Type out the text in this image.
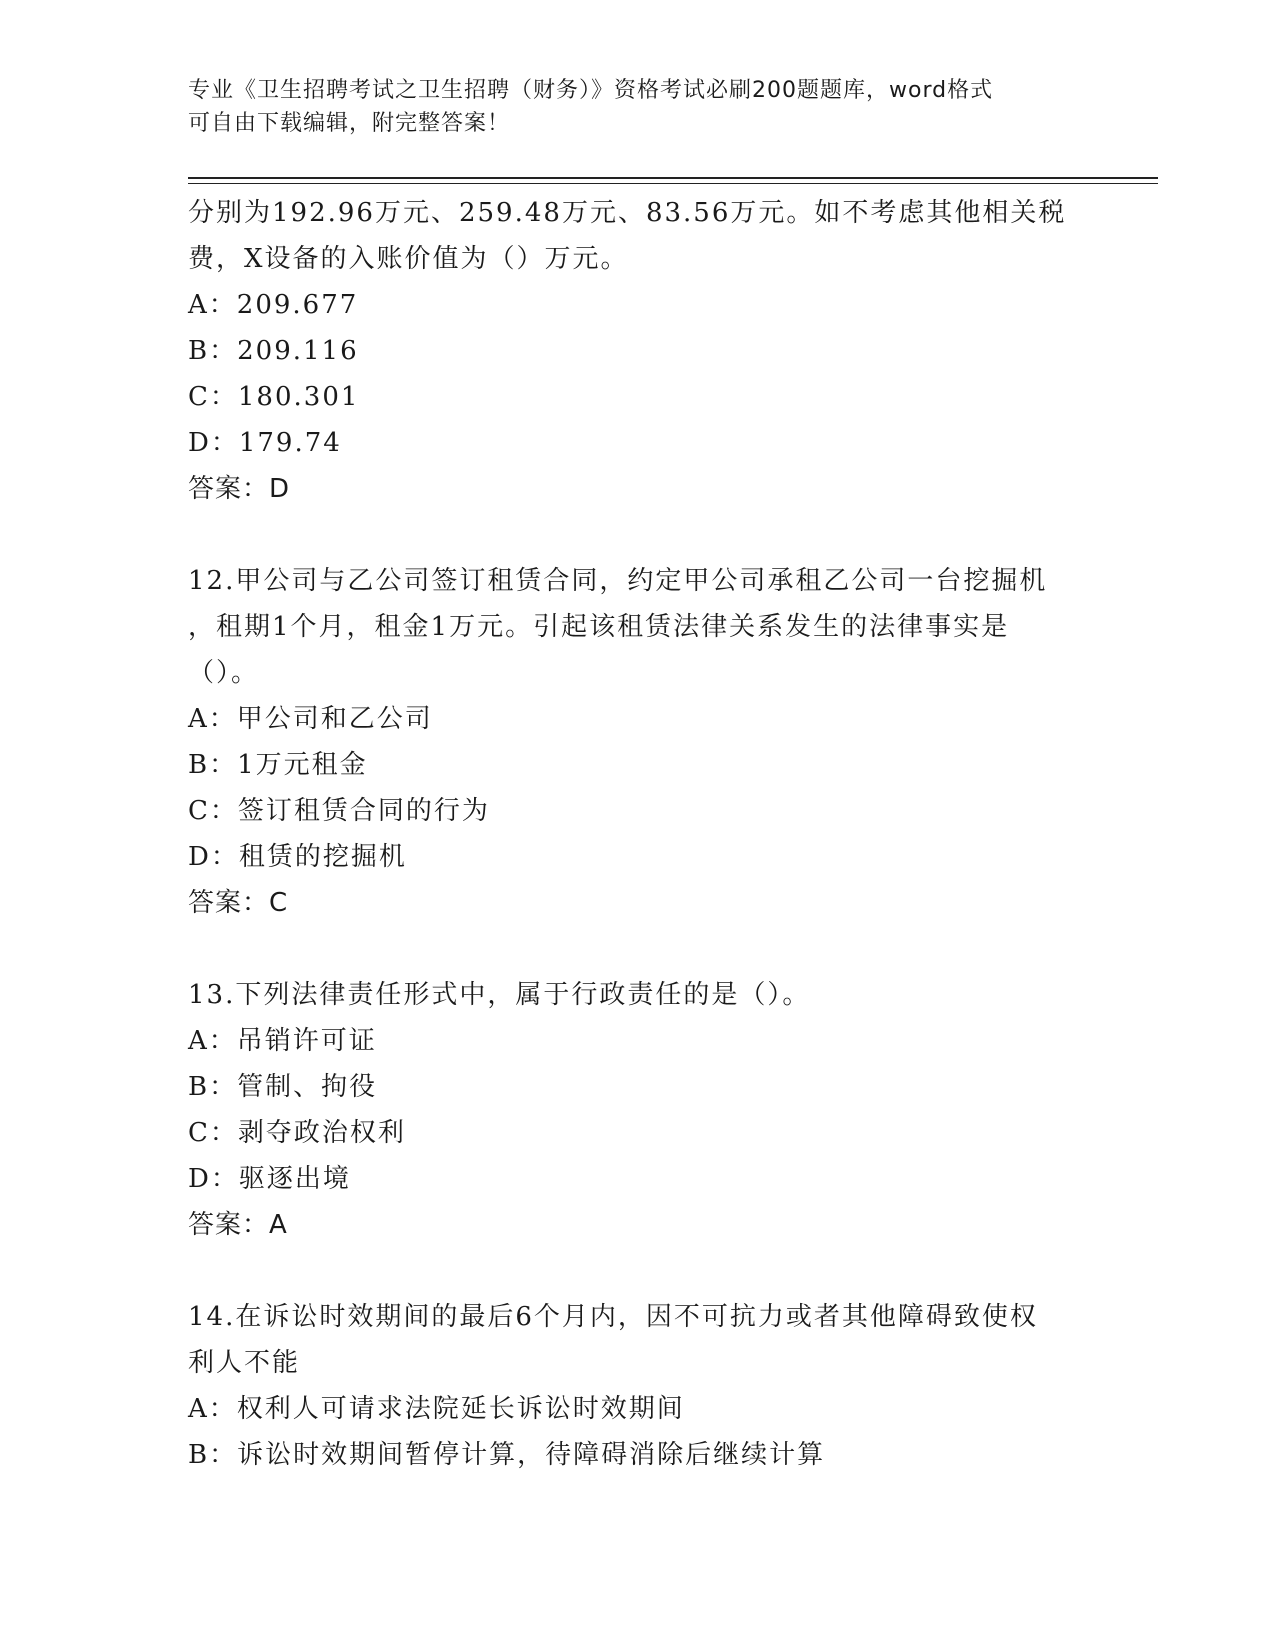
专业《卫生招聘考试之卫生招聘（财务）》资格考试必刷200题题库，word格式
可自由下载编辑，附完整答案！
分别为192.96万元、259.48万元、83.56万元。如不考虑其他相关税
费，X设备的入账价值为（）万元。
A：209.677
B：209.116
C：180.301
D：179.74
答案：D
12.甲公司与乙公司签订租赁合同，约定甲公司承租乙公司一台挖掘机
，租期1个月，租金1万元。引起该租赁法律关系发生的法律事实是
（）。
A：甲公司和乙公司
B：1万元租金
C：签订租赁合同的行为
D：租赁的挖掘机
答案：C
13.下列法律责任形式中，属于行政责任的是（）。
A：吊销许可证
B：管制、拘役
C：剥夺政治权利
D：驱逐出境
答案：A
14.在诉讼时效期间的最后6个月内，因不可抗力或者其他障碍致使权
利人不能
A：权利人可请求法院延长诉讼时效期间
B：诉讼时效期间暂停计算，待障碍消除后继续计算
